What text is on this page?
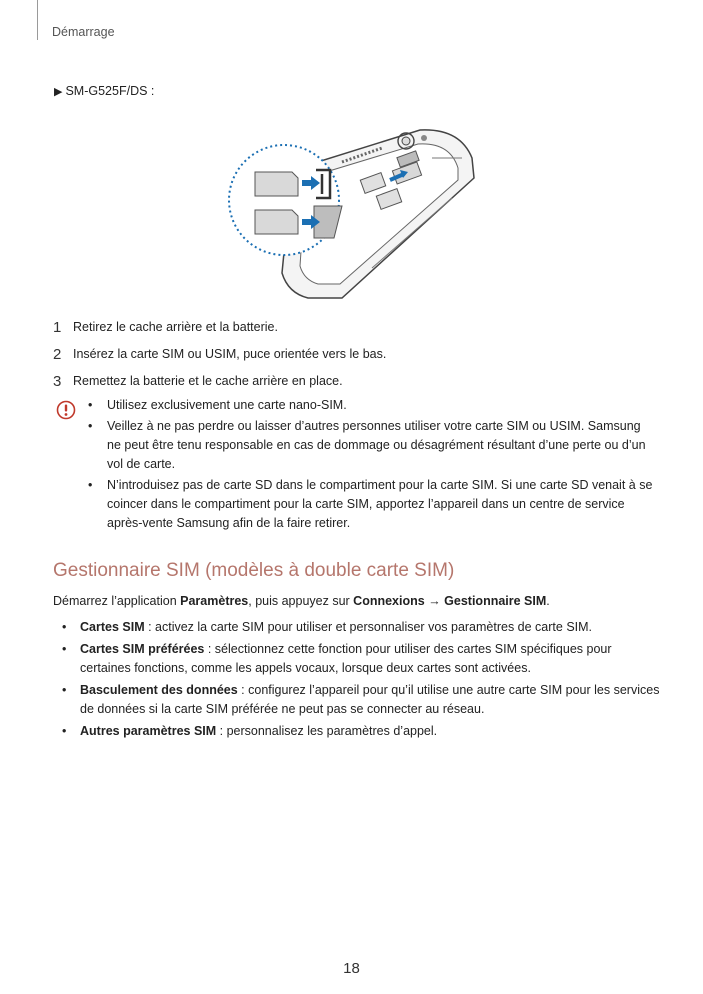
Démarrage
▶ SM-G525F/DS :
1 Retirez le cache arrière et la batterie.
2 Insérez la carte SIM ou USIM, puce orientée vers le bas.
3 Remettez la batterie et le cache arrière en place.
• Utilisez exclusivement une carte nano-SIM.
• Veillez à ne pas perdre ou laisser d’autres personnes utiliser votre carte SIM ou USIM. Samsung ne peut être tenu responsable en cas de dommage ou désagrément résultant d’une perte ou d’un vol de carte.
• N’introduisez pas de carte SD dans le compartiment pour la carte SIM. Si une carte SD venait à se coincer dans le compartiment pour la carte SIM, apportez l’appareil dans un centre de service après-vente Samsung afin de la faire retirer.
Gestionnaire SIM (modèles à double carte SIM)
Démarrez l’application Paramètres, puis appuyez sur Connexions → Gestionnaire SIM.
• Cartes SIM : activez la carte SIM pour utiliser et personnaliser vos paramètres de carte SIM.
• Cartes SIM préférées : sélectionnez cette fonction pour utiliser des cartes SIM spécifiques pour certaines fonctions, comme les appels vocaux, lorsque deux cartes sont activées.
• Basculement des données : configurez l’appareil pour qu’il utilise une autre carte SIM pour les services de données si la carte SIM préférée ne peut pas se connecter au réseau.
• Autres paramètres SIM : personnalisez les paramètres d’appel.
18
